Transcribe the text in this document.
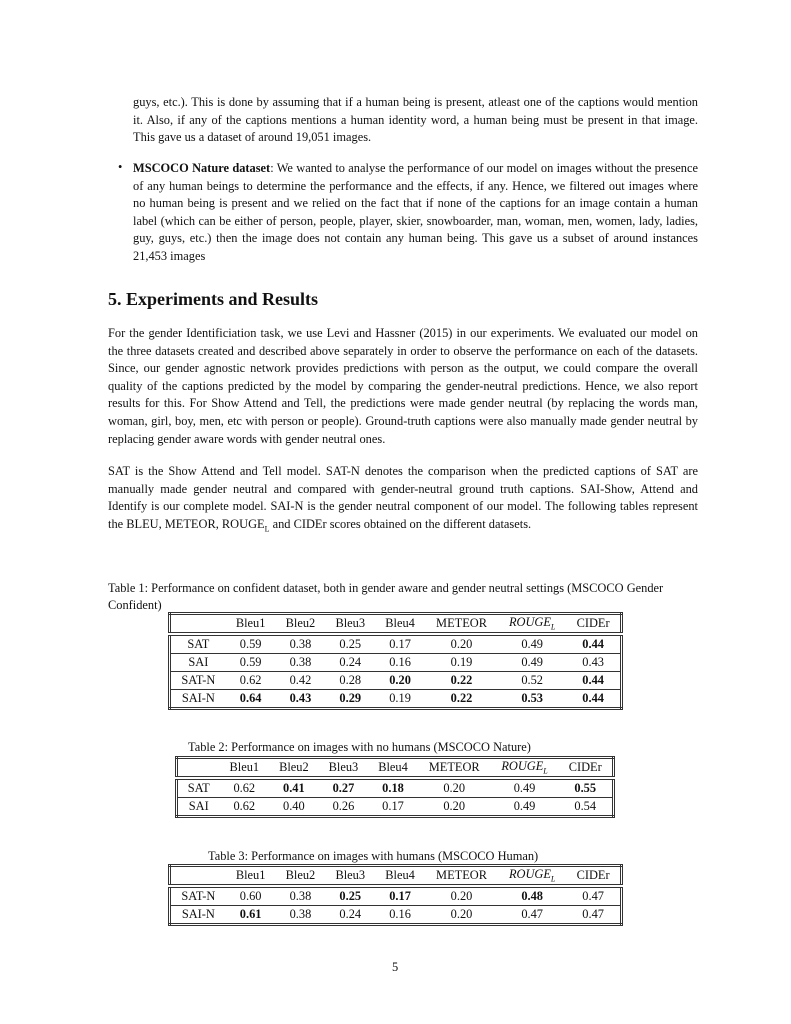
guys, etc.). This is done by assuming that if a human being is present, atleast one of the captions would mention it. Also, if any of the captions mentions a human identity word, a human being must be present in that image. This gave us a dataset of around 19,051 images.
• MSCOCO Nature dataset: We wanted to analyse the performance of our model on images without the presence of any human beings to determine the performance and the effects, if any. Hence, we filtered out images where no human being is present and we relied on the fact that if none of the captions for an image contain a human label (which can be either of person, people, player, skier, snowboarder, man, woman, men, women, lady, ladies, guy, guys, etc.) then the image does not contain any human being. This gave us a subset of around instances 21,453 images
5. Experiments and Results
For the gender Identificiation task, we use Levi and Hassner (2015) in our experiments. We evaluated our model on the three datasets created and described above separately in order to observe the performance on each of the datasets. Since, our gender agnostic network provides predictions with person as the output, we could compare the overall quality of the captions predicted by the model by comparing the gender-neutral predictions. Hence, we also report results for this. For Show Attend and Tell, the predictions were made gender neutral (by replacing the words man, woman, girl, boy, men, etc with person or people). Ground-truth captions were also manually made gender neutral by replacing gender aware words with gender neutral ones.
SAT is the Show Attend and Tell model. SAT-N denotes the comparison when the predicted captions of SAT are manually made gender neutral and compared with gender-neutral ground truth captions. SAI-Show, Attend and Identify is our complete model. SAI-N is the gender neutral component of our model. The following tables represent the BLEU, METEOR, $ROUGE_L$ and CIDEr scores obtained on the different datasets.
Table 1: Performance on confident dataset, both in gender aware and gender neutral settings (MSCOCO Gender Confident)
	Bleu1	Bleu2	Bleu3	Bleu4	METEOR	$ROUGE_L$	CIDEr
SAT	0.59	0.38	0.25	0.17	0.20	0.49	0.44
SAI	0.59	0.38	0.24	0.16	0.19	0.49	0.43
SAT-N	0.62	0.42	0.28	0.20	0.22	0.52	0.44
SAI-N	0.64	0.43	0.29	0.19	0.22	0.53	0.44
Table 2: Performance on images with no humans (MSCOCO Nature)
	Bleu1	Bleu2	Bleu3	Bleu4	METEOR	$ROUGE_L$	CIDEr
SAT	0.62	0.41	0.27	0.18	0.20	0.49	0.55
SAI	0.62	0.40	0.26	0.17	0.20	0.49	0.54
Table 3: Performance on images with humans (MSCOCO Human)
	Bleu1	Bleu2	Bleu3	Bleu4	METEOR	$ROUGE_L$	CIDEr
SAT-N	0.60	0.38	0.25	0.17	0.20	0.48	0.47
SAI-N	0.61	0.38	0.24	0.16	0.20	0.47	0.47
5
